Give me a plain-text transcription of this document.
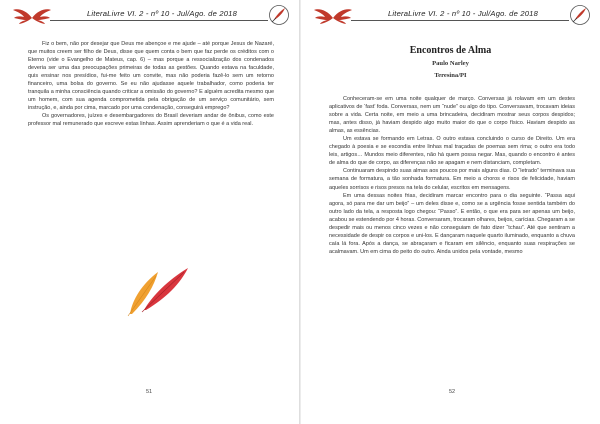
LiteraLivre VI. 2 - nº 10 - Jul/Ago. de 2018

Fiz o bem, não por desejar que Deus me abençoe e me ajude – até porque Jesus de Nazaré, que muitos creem ser filho de Deus, disse que quem conta o bem que faz perde os créditos com o Eterno (vide o Evangelho de Mateus, cap. 6) – mas porque a ressocialização dos condenados deveria ser uma das preocupações primeiras de todas as gestões. Quando estava na faculdade, quis ensinar nos presídios, fui-me feito um convite, mas não poderia fazê-lo sem um retorno financeiro, uma bolsa do governo. Se eu não ajudasse aquele trabalhador, como poderia ter tranquila a minha consciência quando criticar a omissão do governo? E alguém acredita mesmo que um homem, com sua agenda comprometida pela obrigação de um serviço comunitário, sem instrução, e, ainda por cima, marcado por uma condenação, conseguirá emprego?

Os governadores, juízes e desembargadores do Brasil deveriam andar de ônibus, como este professor mal remunerado que escreve estas linhas. Assim aprenderiam o que é a vida real.

51
LiteraLivre VI. 2 - nº 10 - Jul/Ago. de 2018
Encontros de Alma
Paulo Narley
Teresina/PI

Conheceram-se em uma noite qualquer de março. Conversas já rolavam em um destes aplicativos de ‘fast’ foda. Conversas, nem um “nude” ou algo do tipo. Conversavam, trocavam ideias sobre a vida. Certa noite, em meio a uma brincadeira, decidiram mostrar seus corpos despidos; mas, antes disso, já haviam despido algo muito maior do que o corpo físico. Haviam despido as almas, as essências.

Um estava se formando em Letras. O outro estava concluindo o curso de Direito. Um era chegado à poesia e se escondia entre linhas mal traçadas de poemas sem rima; o outro era todo leis, artigos… Mundos meio diferentes, não há quem possa negar. Mas, quando o encontro é antes de alma do que de corpo, as diferenças não se apagam e nem distanciam, completam.

Continuaram despindo suas almas aos poucos por mais alguns dias. O “letrado” terminava sua semana de formatura, a tão sonhada formatura. Em meio a choros e risos de felicidade, haviam aqueles sorrisos e risos presos na tela do celular, escritos em mensagens.

Em uma dessas noites frias, decidiram marcar encontro para o dia seguinte. “Passa aqui agora, só para me dar um beijo” – um deles disse e, como se a urgência fosse sentida também do outro lado da tela, a resposta logo chegou: “Passo”. E então, o que era para ser apenas um beijo, acabou se estendendo por 4 horas. Conversaram, trocaram olhares, beijos, carícias. Chegaram a se despedir mais ou menos cinco vezes e não conseguiam de fato dizer “tchau”. Até que sentiram a necessidade de despir os corpos e uni-los. E dançaram naquele quarto iluminado, enquanto a chuva caía lá fora. Após a dança, se abraçaram e ficaram em silêncio, enquanto suas respirações se acalmavam. Um em cima do peito do outro. Ainda unidos pela vontade, mesmo

52
